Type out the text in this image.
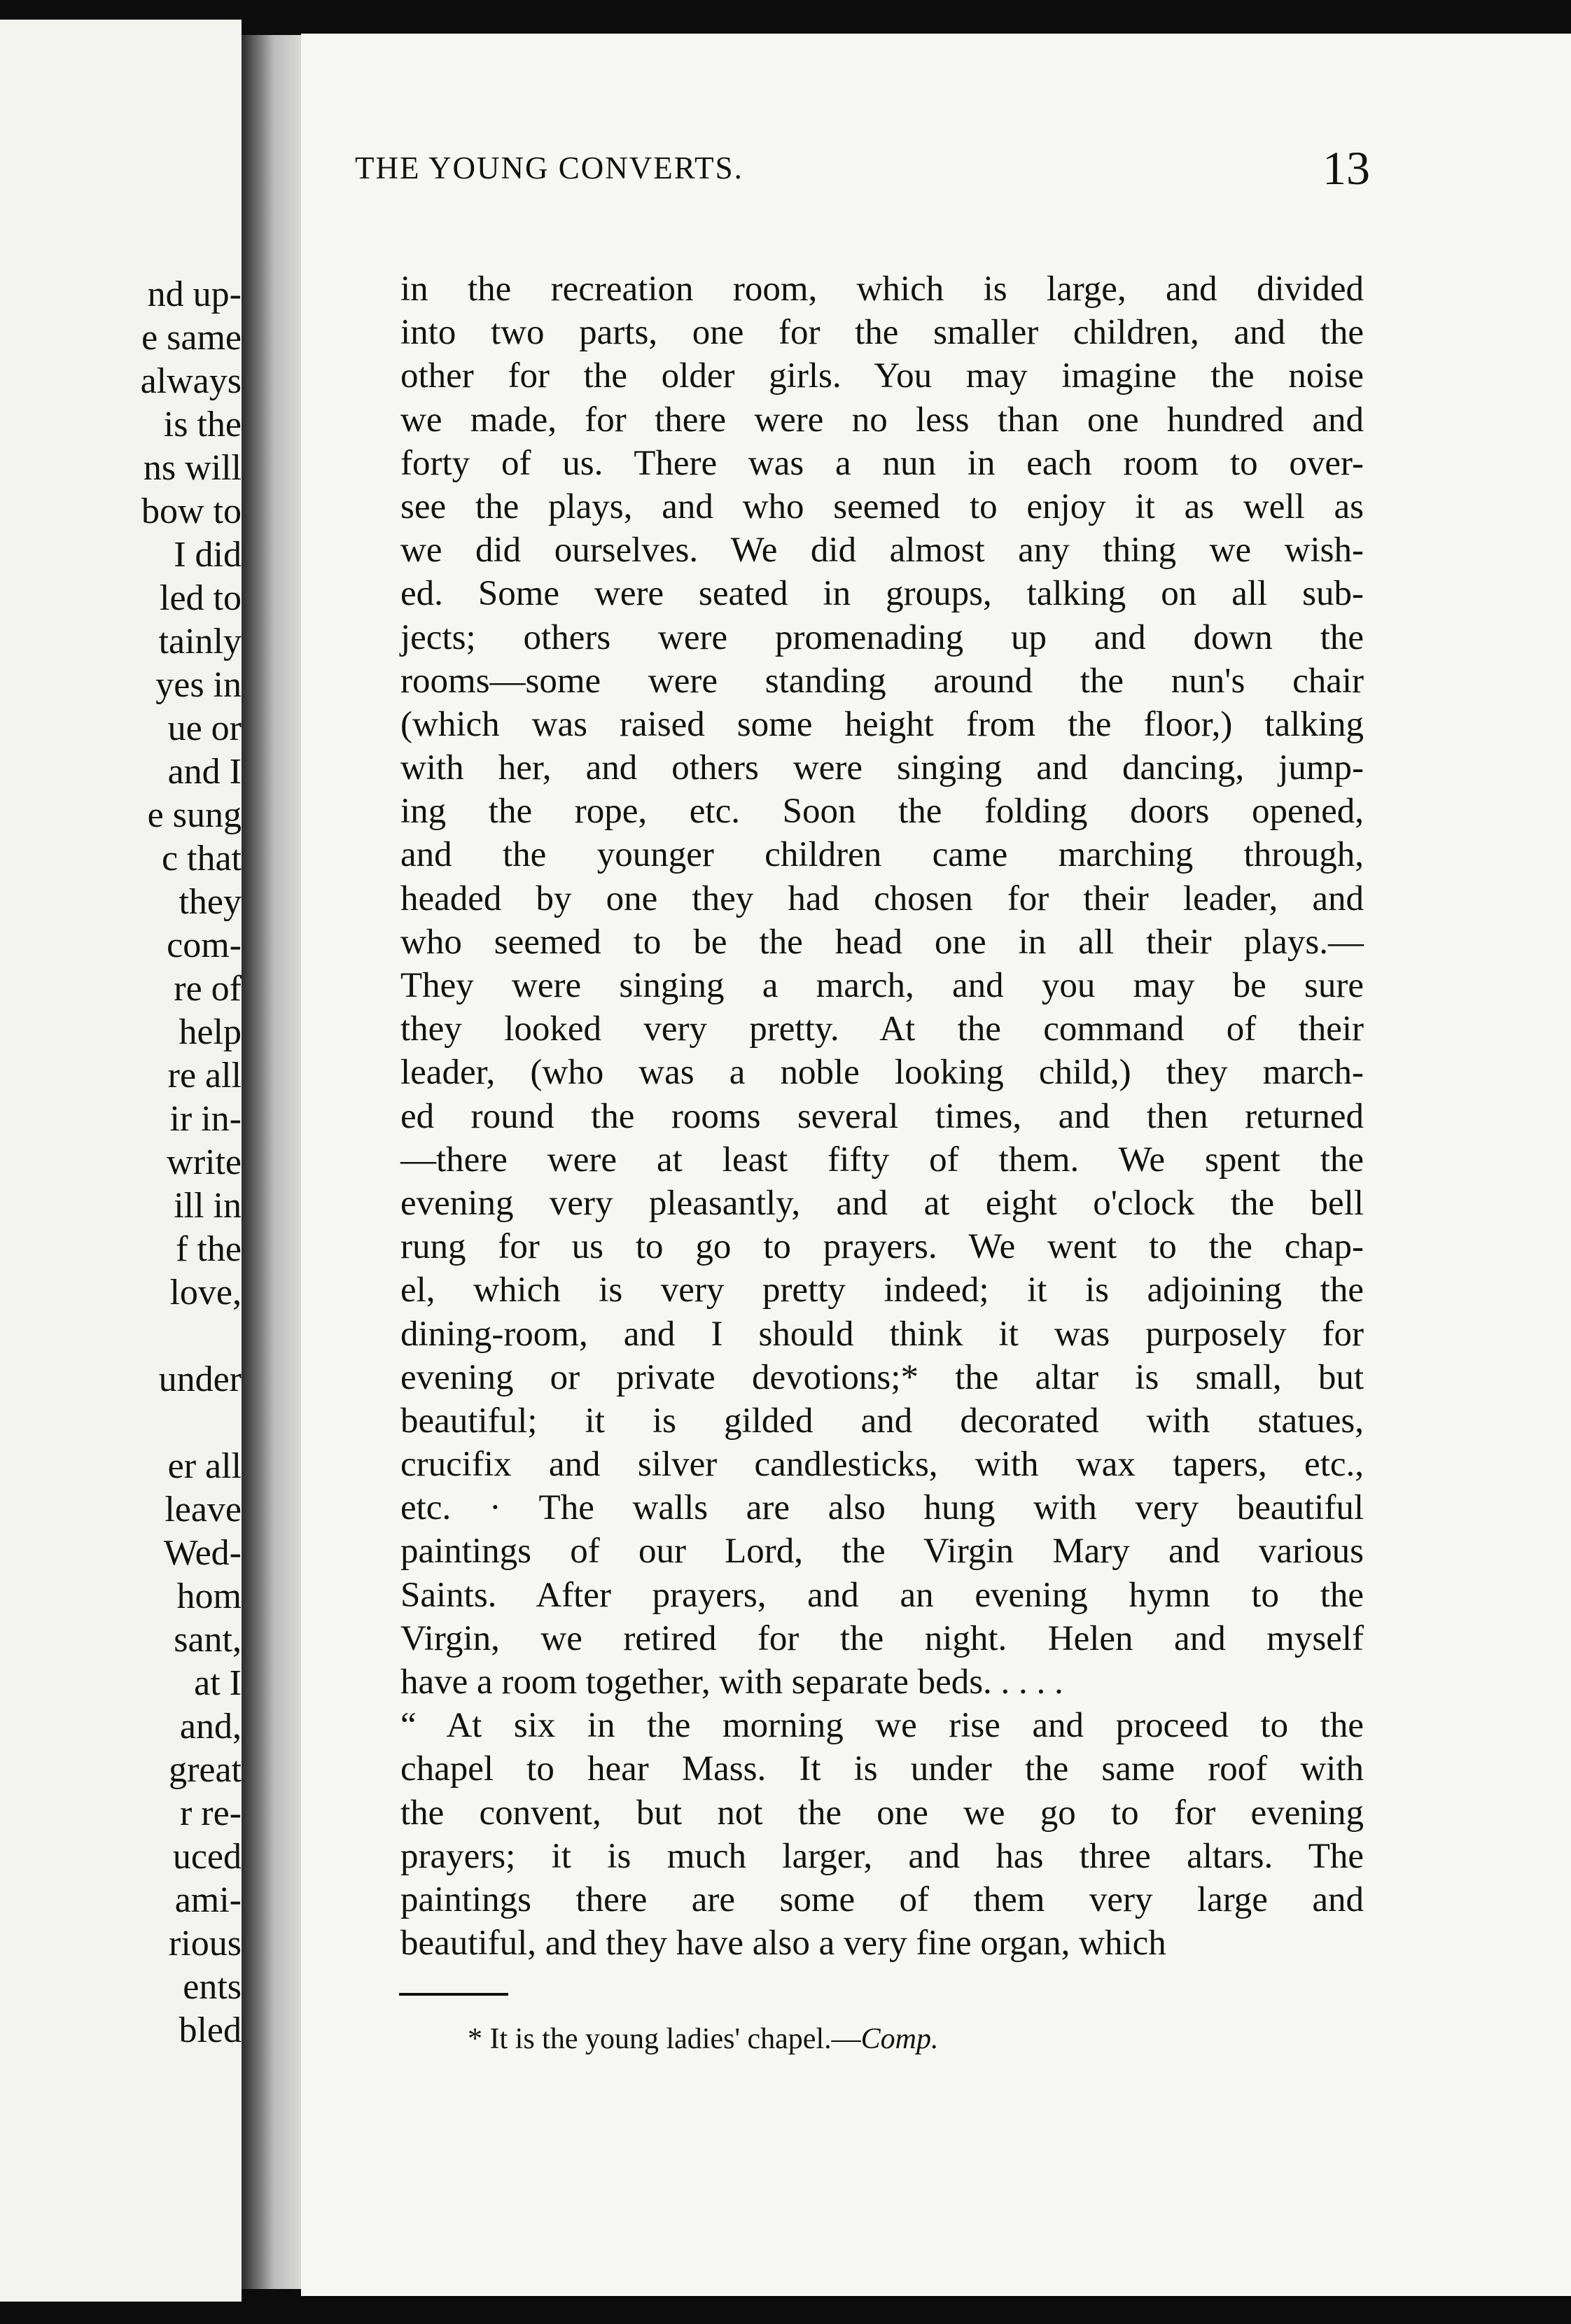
nd up-
e same
always
is the
ns will
bow to
I did
led to
tainly
yes in
ue or
and I
e sung
c that
they
com-
re of
help
re all
ir in-
write
ill in
f the
love,
under
er all
leave
Wed-
hom
sant,
at I
and,
great
r re-
uced
ami-
rious
ents
bled
THE YOUNG CONVERTS.	13
in the recreation room, which is large, and divided
into two parts, one for the smaller children, and the
other for the older girls. You may imagine the noise
we made, for there were no less than one hundred and
forty of us. There was a nun in each room to over-
see the plays, and who seemed to enjoy it as well as
we did ourselves. We did almost any thing we wish-
ed. Some were seated in groups, talking on all sub-
jects; others were promenading up and down the
rooms—some were standing around the nun's chair
(which was raised some height from the floor,) talking
with her, and others were singing and dancing, jump-
ing the rope, etc. Soon the folding doors opened,
and the younger children came marching through,
headed by one they had chosen for their leader, and
who seemed to be the head one in all their plays.—
They were singing a march, and you may be sure
they looked very pretty. At the command of their
leader, (who was a noble looking child,) they march-
ed round the rooms several times, and then returned
—there were at least fifty of them. We spent the
evening very pleasantly, and at eight o'clock the bell
rung for us to go to prayers. We went to the chap-
el, which is very pretty indeed; it is adjoining the
dining-room, and I should think it was purposely for
evening or private devotions;* the altar is small, but
beautiful; it is gilded and decorated with statues,
crucifix and silver candlesticks, with wax tapers, etc.,
etc. · The walls are also hung with very beautiful
paintings of our Lord, the Virgin Mary and various
Saints. After prayers, and an evening hymn to the
Virgin, we retired for the night. Helen and myself
have a room together, with separate beds. . . . .
“ At six in the morning we rise and proceed to the
chapel to hear Mass. It is under the same roof with
the convent, but not the one we go to for evening
prayers; it is much larger, and has three altars. The
paintings there are some of them very large and
beautiful, and they have also a very fine organ, which
* It is the young ladies' chapel.—Comp.
